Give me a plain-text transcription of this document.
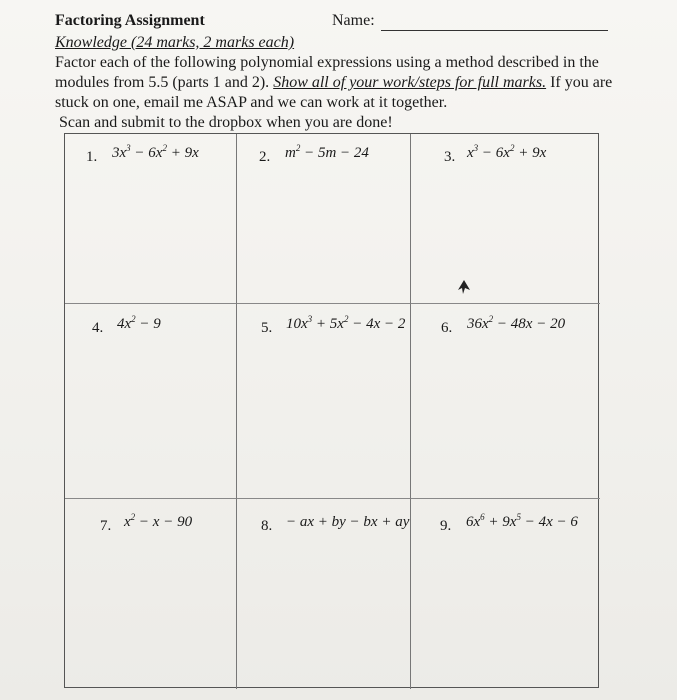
Factoring Assignment	Name:
Knowledge (24 marks, 2 marks each)

Factor each of the following polynomial expressions using a method described in the

modules from 5.5 (parts 1 and 2). Show all of your work/steps for full marks. If you are

stuck on one, email me ASAP and we can work at it together.

Scan and submit to the dropbox when you are done!

1. $3x^3 - 6x^2 + 9x$	2. $m^2 - 5m - 24$	3. $x^3 - 6x^2 + 9x$
4. $4x^2 - 9$	5. $10x^3 + 5x^2 - 4x - 2$ 6. $36x^2 - 48x - 20$
7. $x^2 - x - 90$	8. − ax + by − bx + ay 9. $6x^6 + 9x^5 - 4x - 6$
